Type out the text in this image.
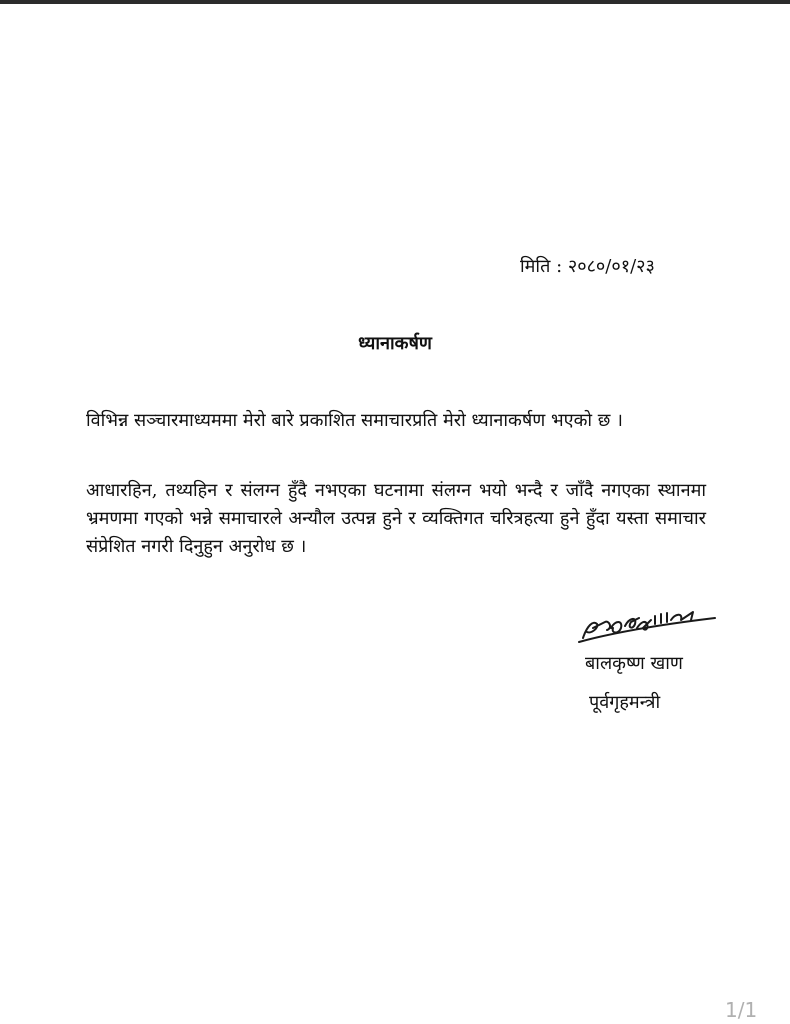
मिति : २०८०/०१/२३
ध्यानाकर्षण
विभिन्न सञ्चारमाध्यममा मेरो बारे प्रकाशित समाचारप्रति मेरो ध्यानाकर्षण भएको छ ।
आधारहिन, तथ्यहिन र संलग्न हुँदै नभएका घटनामा संलग्न भयो भन्दै र जाँदै नगएका स्थानमा भ्रमणमा गएको भन्ने समाचारले अन्यौल उत्पन्न हुने र व्यक्तिगत चरित्रहत्या हुने हुँदा यस्ता समाचार संप्रेशित नगरी दिनुहुन अनुरोध छ ।
बालकृष्ण खाण
पूर्वगृहमन्त्री
1/1
